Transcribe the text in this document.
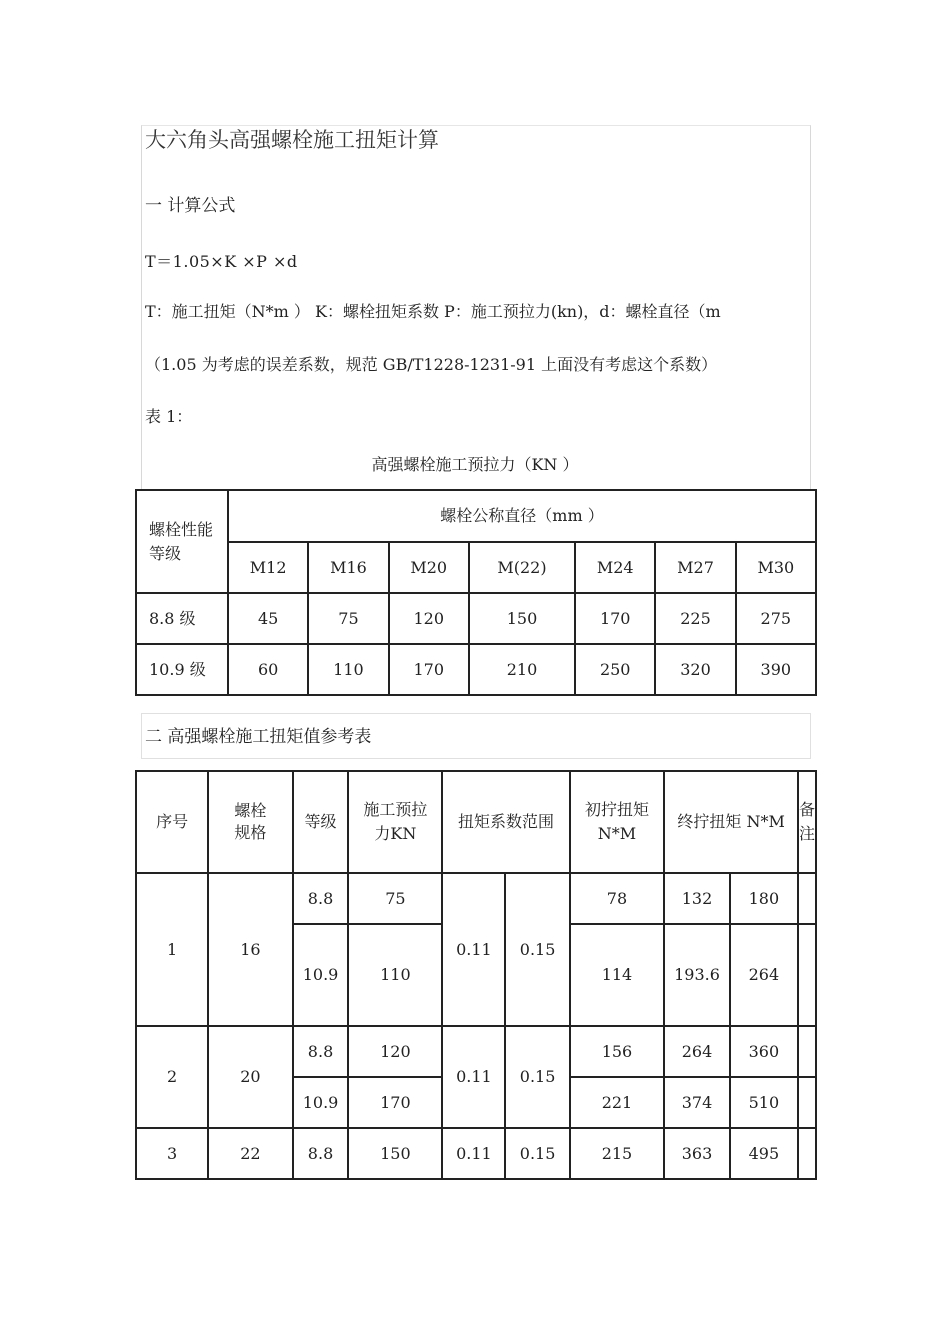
大六角头高强螺栓施工扭矩计算
一 计算公式
T＝1.05×K ×P ×d
T：施工扭矩（N*m ） K：螺栓扭矩系数 P：施工预拉力(kn)，d：螺栓直径（m
（1.05 为考虑的误差系数，规范 GB/T1228-1231-91 上面没有考虑这个系数）
表 1：
高强螺栓施工预拉力（KN ）
螺栓性能等级	螺栓公称直径（mm ）						
	M12	M16	M20	M(22)	M24	M27	M30
8.8 级	45	75	120	150	170	225	275
10.9 级	60	110	170	210	250	320	390
二 高强螺栓施工扭矩值参考表
序号	螺栓规格	等级	施工预拉力KN	扭矩系数范围		初拧扭矩 N*M	终拧扭矩 N*M		备注
1	16	8.8	75	0.11	0.15	78	132	180	
		10.9	110			114	193.6	264	
2	20	8.8	120	0.11	0.15	156	264	360	
		10.9	170			221	374	510	
3	22	8.8	150	0.11	0.15	215	363	495	
